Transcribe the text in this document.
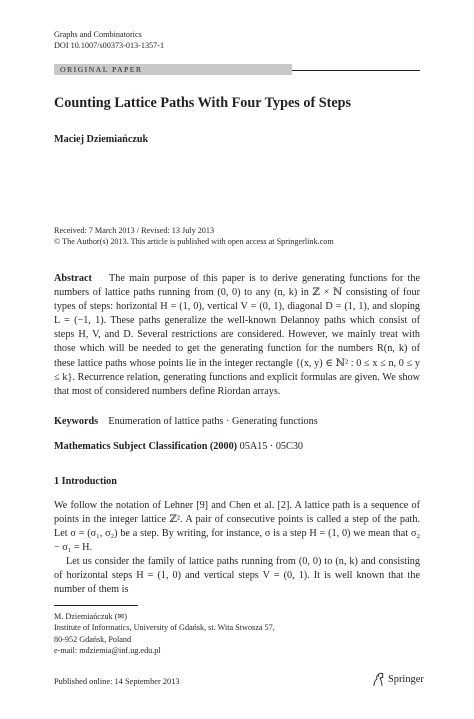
Graphs and Combinatorics
DOI 10.1007/s00373-013-1357-1
ORIGINAL PAPER
Counting Lattice Paths With Four Types of Steps
Maciej Dziemiańczuk
Received: 7 March 2013 / Revised: 13 July 2013
© The Author(s) 2013. This article is published with open access at Springerlink.com

Abstract The main purpose of this paper is to derive generating functions for the numbers of lattice paths running from (0, 0) to any (n, k) in ℤ × ℕ consisting of four types of steps: horizontal H = (1, 0), vertical V = (0, 1), diagonal D = (1, 1), and sloping L = (−1, 1). These paths generalize the well-known Delannoy paths which consist of steps H, V, and D. Several restrictions are considered. However, we mainly treat with those which will be needed to get the generating function for the numbers R(n, k) of these lattice paths whose points lie in the integer rectangle {(x, y) ∈ ℕ² : 0 ≤ x ≤ n, 0 ≤ y ≤ k}. Recurrence relation, generating functions and explicit formulas are given. We show that most of considered numbers define Riordan arrays.

Keywords Enumeration of lattice paths · Generating functions
Mathematics Subject Classification (2000) 05A15 · 05C30
1 Introduction

We follow the notation of Lehner [9] and Chen et al. [2]. A lattice path is a sequence of points in the integer lattice ℤ². A pair of consecutive points is called a step of the path. Let σ = (σ₁, σ₂) be a step. By writing, for instance, σ is a step H = (1, 0) we mean that σ₂ − σ₁ = H.

Let us consider the family of lattice paths running from (0, 0) to (n, k) and consisting of horizontal steps H = (1, 0) and vertical steps V = (0, 1). It is well known that the number of them is

M. Dziemiańczuk (✉)
Institute of Informatics, University of Gdańsk, st. Wita Stwosza 57,
80-952 Gdańsk, Poland
e-mail: mdziemia@inf.ug.edu.pl
Published online: 14 September 2013	Springer
